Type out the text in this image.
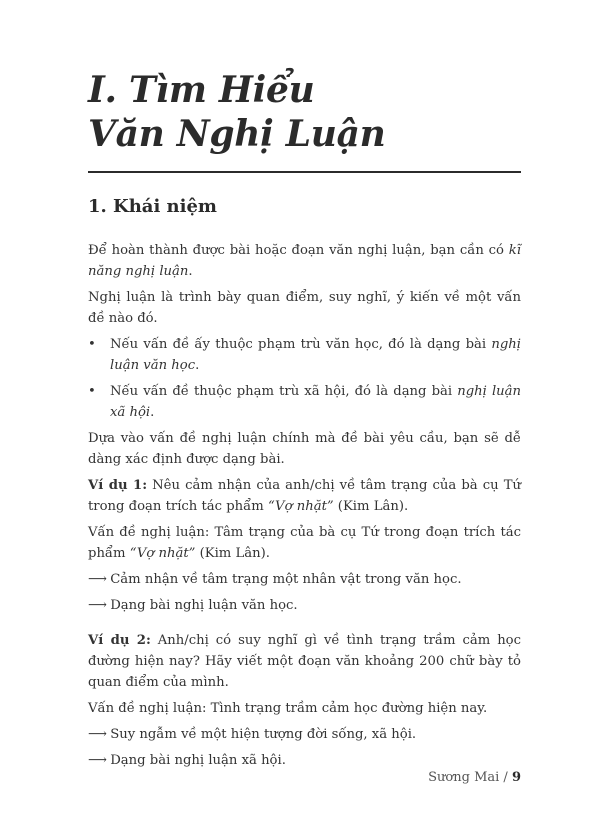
I. Tìm Hiểu
Văn Nghị Luận
1. Khái niệm

Để hoàn thành được bài hoặc đoạn văn nghị luận, bạn cần có kĩ năng nghị luận.

Nghị luận là trình bày quan điểm, suy nghĩ, ý kiến về một vấn đề nào đó.

•	Nếu vấn đề ấy thuộc phạm trù văn học, đó là dạng bài nghị luận văn học.
•	Nếu vấn đề thuộc phạm trù xã hội, đó là dạng bài nghị luận xã hội.

Dựa vào vấn đề nghị luận chính mà đề bài yêu cầu, bạn sẽ dễ dàng xác định được dạng bài.

Ví dụ 1: Nêu cảm nhận của anh/chị về tâm trạng của bà cụ Tứ trong đoạn trích tác phẩm “Vợ nhặt” (Kim Lân).

Vấn đề nghị luận: Tâm trạng của bà cụ Tứ trong đoạn trích tác phẩm “Vợ nhặt” (Kim Lân).

⟶ Cảm nhận về tâm trạng một nhân vật trong văn học.
⟶ Dạng bài nghị luận văn học.

Ví dụ 2: Anh/chị có suy nghĩ gì về tình trạng trầm cảm học đường hiện nay? Hãy viết một đoạn văn khoảng 200 chữ bày tỏ quan điểm của mình.

Vấn đề nghị luận: Tình trạng trầm cảm học đường hiện nay.

⟶ Suy ngẫm về một hiện tượng đời sống, xã hội.
⟶ Dạng bài nghị luận xã hội.
Sương Mai / 9
